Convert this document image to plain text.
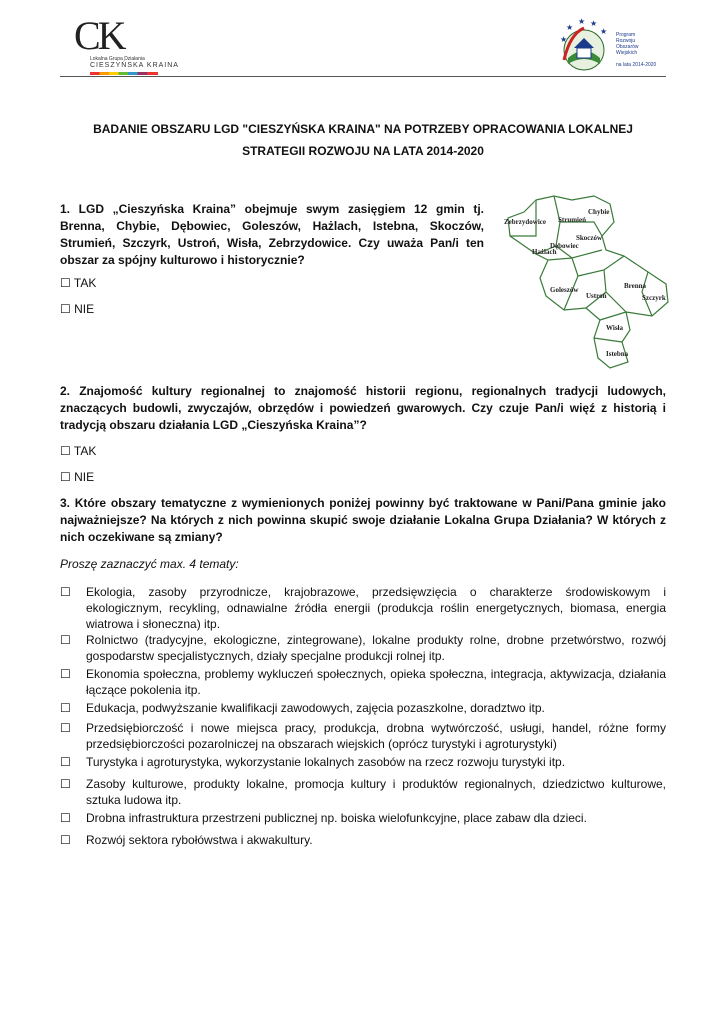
CK
Lokalna Grupa Działania
CIESZYŃSKA KRAINA
★
★
★ ★
★ Program
Rozwoju
Obszarów
Wiejskich
na lata 2014-2020
BADANIE OBSZARU LGD "CIESZYŃSKA KRAINA" NA POTRZEBY OPRACOWANIA LOKALNEJ
STRATEGII ROZWOJU NA LATA 2014-2020
1. LGD „Cieszyńska Kraina” obejmuje swym zasięgiem 12 gmin tj. Brenna, Chybie, Dębowiec, Goleszów, Hażlach, Istebna, Skoczów, Strumień, Szczyrk, Ustroń, Wisła, Zebrzydowice. Czy uważa Pan/i ten obszar za spójny kulturowo i historycznie?
☐ TAK
☐ NIE
Zebrzydowice Strumień
Chybie
Skoczów
Dębowiec
Hażlach
Goleszów
Ustroń
Brenna
Szczyrk
Wisła
Istebna
2. Znajomość kultury regionalnej to znajomość historii regionu, regionalnych tradycji ludowych, znaczących budowli, zwyczajów, obrzędów i powiedzeń gwarowych. Czy czuje Pan/i więź z historią i tradycją obszaru działania LGD „Cieszyńska Kraina”?
☐ TAK
☐ NIE
3. Które obszary tematyczne z wymienionych poniżej powinny być traktowane w Pani/Pana gminie jako najważniejsze? Na których z nich powinna skupić swoje działanie Lokalna Grupa Działania? W których z nich oczekiwane są zmiany?
Proszę zaznaczyć max. 4 tematy:
☐ Ekologia, zasoby przyrodnicze, krajobrazowe, przedsięwzięcia o charakterze środowiskowym i ekologicznym, recykling, odnawialne źródła energii (produkcja roślin energetycznych, biomasa, energia wiatrowa i słoneczna) itp.
☐ Rolnictwo (tradycyjne, ekologiczne, zintegrowane), lokalne produkty rolne, drobne przetwórstwo, rozwój gospodarstw specjalistycznych, działy specjalne produkcji rolnej itp.
☐ Ekonomia społeczna, problemy wykluczeń społecznych, opieka społeczna, integracja, aktywizacja, działania łączące pokolenia itp.
☐ Edukacja, podwyższanie kwalifikacji zawodowych, zajęcia pozaszkolne, doradztwo itp.
☐ Przedsiębiorczość i nowe miejsca pracy, produkcja, drobna wytwórczość, usługi, handel, różne formy przedsiębiorczości pozarolniczej na obszarach wiejskich (oprócz turystyki i agroturystyki)
☐ Turystyka i agroturystyka, wykorzystanie lokalnych zasobów na rzecz rozwoju turystyki itp.
☐ Zasoby kulturowe, produkty lokalne, promocja kultury i produktów regionalnych, dziedzictwo kulturowe, sztuka ludowa itp.
☐ Drobna infrastruktura przestrzeni publicznej np. boiska wielofunkcyjne, place zabaw dla dzieci.
☐ Rozwój sektora rybołówstwa i akwakultury.
